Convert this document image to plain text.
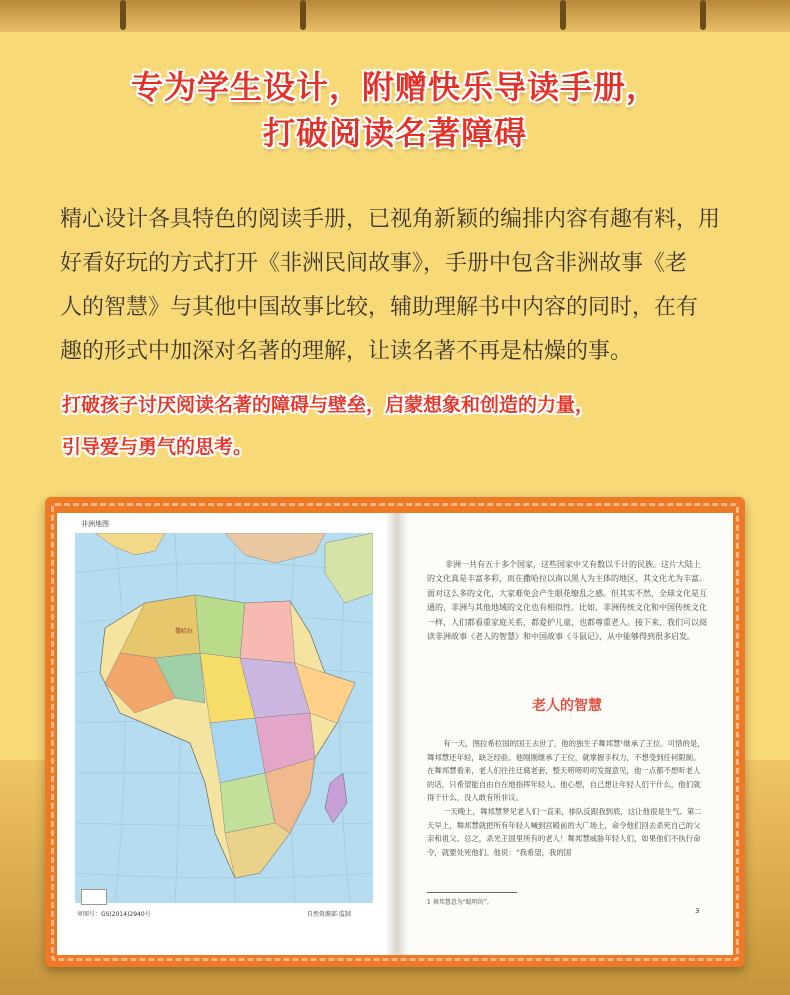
专为学生设计，附赠快乐导读手册，
打破阅读名著障碍
精心设计各具特色的阅读手册，已视角新颖的编排内容有趣有料，用
好看好玩的方式打开《非洲民间故事》，手册中包含非洲故事《老
人的智慧》与其他中国故事比较，辅助理解书中内容的同时，在有
趣的形式中加深对名著的理解，让读名著不再是枯燥的事。
打破孩子讨厌阅读名著的障碍与壁垒，启蒙想象和创造的力量，
引导爱与勇气的思考。
非洲地图
撒哈拉
审图号：GS(2014)2940号	自然资源部 监制
非洲一共有五十多个国家，这些国家中又有数以千计的民族。这片大陆上的文化真是丰富多彩，而在撒哈拉以南以黑人为主体的地区，其文化尤为丰富。面对这么多的文化，大家难免会产生眼花缭乱之感。但其实不然，全球文化是互通的，非洲与其他地域的文化也有相似性。比如，非洲传统文化和中国传统文化一样，人们都看重家庭关系，都爱护儿童，也都尊重老人。接下来，我们可以阅读非洲故事《老人的智慧》和中国故事《斗鼠记》，从中能够得到很多启发。
老人的智慧

有一天，图拉希拉国的国王去世了，他的独生子舞邦慧¹继承了王位。可惜的是，舞邦慧还年轻，缺乏经验。他刚刚继承了王位，就掌握手权力，不想受到任何限制。在舞邦慧看来，老人们往往迂腐老套，整天唠唠叨叨发提意见，他一点都不想听老人的话，只希望能自由自在地指挥年轻人。他心想，自己想让年轻人们干什么，他们就得干什么，没人敢有所非议。

一天晚上，舞邦慧梦见老人们一直来，排队反跟我到底，这让他很是生气。第二天早上，舞邦慧就把所有年轻人喊到宫殿前的大广场上，命令他们回去杀死自己的父亲和祖父。总之，杀光王国里所有的老人！舞邦慧威胁年轻人们，如果他们不执行命令，就要处死他们。他说：“我希望，我的国

1 舞邦慧意为“聪明的”。
3
